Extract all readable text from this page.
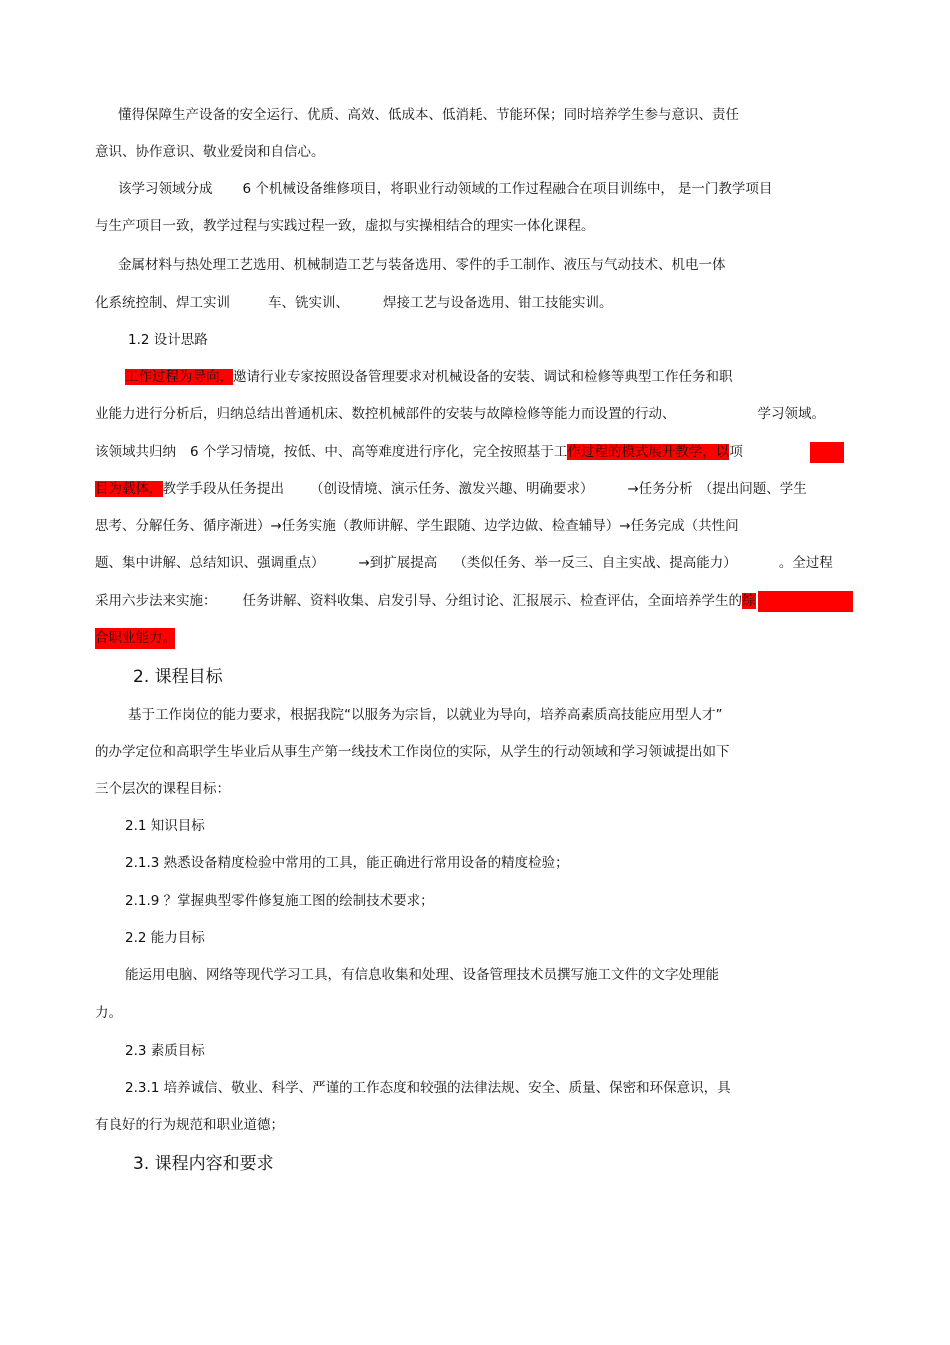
懂得保障生产设备的安全运行、优质、高效、低成本、低消耗、节能环保；同时培养学生参与意识、责任
意识、协作意识、敬业爱岗和自信心。
该学习领域分成 6 个机械设备维修项目，将职业行动领域的工作过程融合在项目训练中， 是一门教学项目
与生产项目一致，教学过程与实践过程一致，虚拟与实操相结合的理实一体化课程。
金属材料与热处理工艺选用、机械制造工艺与装备选用、零件的手工制作、液压与气动技术、机电一体
化系统控制、焊工实训	车、铣实训、	焊接工艺与设备选用、钳工技能实训。
1.2 设计思路
工作过程为导向，邀请行业专家按照设备管理要求对机械设备的安装、调试和检修等典型工作任务和职
业能力进行分析后，归纳总结出普通机床、数控机械部件的安装与故障检修等能力而设置的行动、	学习领域。
该领域共归纳 6 个学习情境，按低、中、高等难度进行序化，完全按照基于工作过程的模式展开教学，以项
目为载体，教学手段从任务提出 （创设情境、演示任务、激发兴趣、明确要求）	→任务分析 （提出问题、学生
思考、分解任务、循序渐进）→任务实施（教师讲解、学生跟随、边学边做、检查辅导）→任务完成（共性问
题、集中讲解、总结知识、强调重点）	→到扩展提高 （类似任务、举一反三、自主实战、提高能力）	。全过程
采用六步法来实施： 任务讲解、资料收集、启发引导、分组讨论、汇报展示、检查评估，全面培养学生的综
合职业能力。
2. 课程目标
基于工作岗位的能力要求，根据我院“以服务为宗旨，以就业为导向，培养高素质高技能应用型人才”
的办学定位和高职学生毕业后从事生产第一线技术工作岗位的实际，从学生的行动领域和学习领诚提出如下
三个层次的课程目标：
2.1 知识目标
2.1.3 熟悉设备精度检验中常用的工具，能正确进行常用设备的精度检验；
2.1.9 ？掌握典型零件修复施工图的绘制技术要求；
2.2 能力目标
能运用电脑、网络等现代学习工具，有信息收集和处理、设备管理技术员撰写施工文件的文字处理能
力。
2.3 素质目标
2.3.1 培养诚信、敬业、科学、严谨的工作态度和较强的法律法规、安全、质量、保密和环保意识，具
有良好的行为规范和职业道德；
3. 课程内容和要求
